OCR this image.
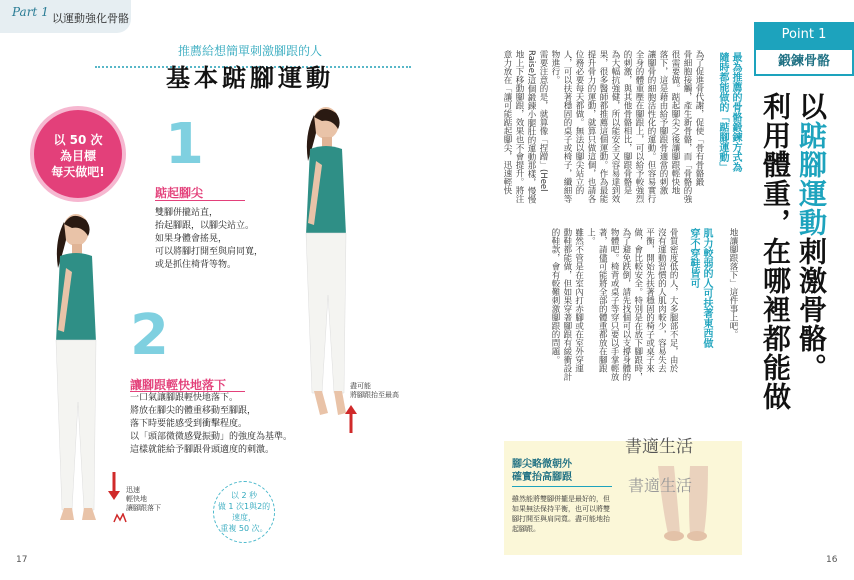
Part 1 以運動強化骨骼
推薦給想簡單刺激腳跟的人
基本踮腳運動
以 50 次
為目標
每天做吧!	1
踮起腳尖
雙腳併攏站直，
抬起腳跟，以腳尖站立。
如果身體會搖晃，
可以將腳打開至與肩同寬，
或是抓住椅背等物。
2
讓腳跟輕快地落下
一口氣讓腳跟輕快地落下。
將放在腳尖的體重移動至腳跟，
落下時要能感受到衝擊程度。
以「頭部微微感覺振動」的強度為基準。
這樣就能給予腳跟骨頭適度的刺激。
盡可能
將腳跟抬至最高
迅速
輕快地
讓腳跟落下
以 2 秒
做 1 次1與2的
速度，
重複 50 次。
17
Point 1
鍛鍊骨骼
以踮腳運動刺激骨骼。
利用體重，在哪裡都能做
地讓腳跟落下」這件事上吧。
肌力較弱的人可扶著東西做
穿不穿鞋皆可
骨質密度低的人，大多腿部不足，由於
沒有運動習慣的人肌肉較少，容易失去
平衡，開始先扶著穩固的椅子或桌子來
做，會比較安全。特別是在放下腳跟時，
為了避免跌倒，請先找個可以支撐身體的
物體吧。椅背或桌子等穿只要以手掌輕放
著，請儘可能將全部的體重都放在腳跟
上。
雖然不管是在室內打赤腳或在室外穿運
動鞋都能做，但如果穿著腳跟有緩衝設計
的鞋款，會有較難刺激腳跟的問題。
最為推薦的骨骼鍛鍊方式為
隨時都能做的「踮腳運動」
為了促進骨代謝，促使「骨有骨骼鍛
骨細胞接觸，產生新骨骼，而「骨骼的強
很需要做。踮起腳尖之後讓腳跟輕快地
落下，這是藉由給予腳跟骨適當的刺激
讓腳骨的細胞活性化的運動。但容易實行
全身的體重壓在腳跟上，可以給予較強烈
的刺激，與其他骨骼相比，腳跟骨骼是
為大幅抗強健，所以能安全又容易達到效
果，很多醫師都推薦這個運動。作為最能
提升骨力的運動，就算只做這個，也請各
位務必要每天都做。無法以腳尖站立的
人，可以扶著穩固的桌子或椅子，纖細等
物進行。
需要注意的是，就算像「捏蹭」(Heel
Raise)這個鍛鍊小腿肚的運動那樣，慢慢
地上下移動腳跟，效果也不會提升。將注
意力放在「讓可能踮起腳尖，迅速輕快
腳尖略微朝外
確實抬高腳跟
雖然能將雙腳併攏是最好的，但
如果無法保持平衡，也可以將雙
腳打開至與肩同寬。盡可能地抬
起腳跟。
書適生活
書適生活
16
